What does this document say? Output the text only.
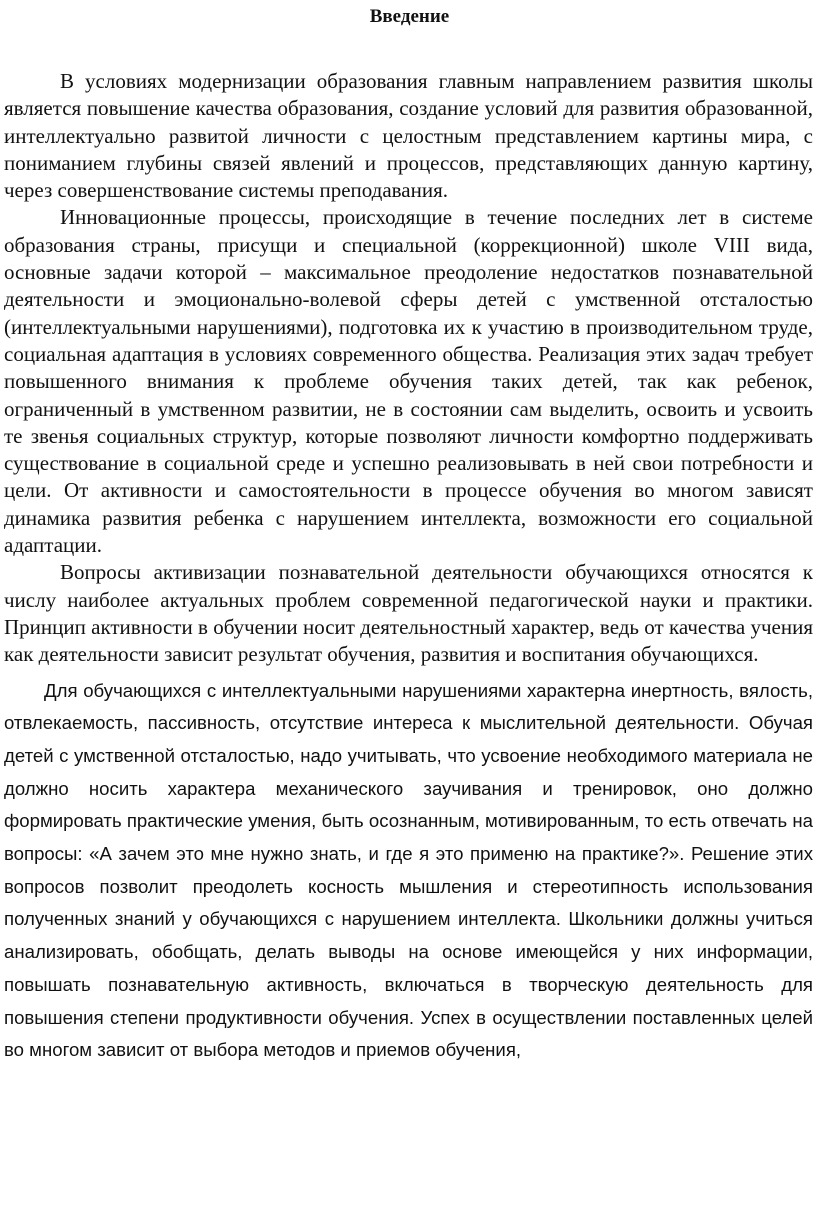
Введение

В условиях модернизации образования главным направлением развития школы является повышение качества образования, создание условий для развития образованной, интеллектуально развитой личности с целостным представлением картины мира, с пониманием глубины связей явлений и процессов, представляющих данную картину, через совершенствование системы преподавания.

Инновационные процессы, происходящие в течение последних лет в системе образования страны, присущи и специальной (коррекционной) школе VIII вида, основные задачи которой – максимальное преодоление недостатков познавательной деятельности и эмоционально-волевой сферы детей с умственной отсталостью (интеллектуальными нарушениями), подготовка их к участию в производительном труде, социальная адаптация в условиях современного общества. Реализация этих задач требует повышенного внимания к проблеме обучения таких детей, так как ребенок, ограниченный в умственном развитии, не в состоянии сам выделить, освоить и усвоить те звенья социальных структур, которые позволяют личности комфортно поддерживать существование в социальной среде и успешно реализовывать в ней свои потребности и цели. От активности и самостоятельности в процессе обучения во многом зависят динамика развития ребенка с нарушением интеллекта, возможности его социальной адаптации.

Вопросы активизации познавательной деятельности обучающихся относятся к числу наиболее актуальных проблем современной педагогической науки и практики. Принцип активности в обучении носит деятельностный характер, ведь от качества учения как деятельности зависит результат обучения, развития и воспитания обучающихся.

Для обучающихся с интеллектуальными нарушениями характерна инертность, вялость, отвлекаемость, пассивность, отсутствие интереса к мыслительной деятельности. Обучая детей с умственной отсталостью, надо учитывать, что усвоение необходимого материала не должно носить характера механического заучивания и тренировок, оно должно формировать практические умения, быть осознанным, мотивированным, то есть отвечать на вопросы: «А зачем это мне нужно знать, и где я это применю на практике?». Решение этих вопросов позволит преодолеть косность мышления и стереотипность использования полученных знаний у обучающихся с нарушением интеллекта. Школьники должны учиться анализировать, обобщать, делать выводы на основе имеющейся у них информации, повышать познавательную активность, включаться в творческую деятельность для повышения степени продуктивности обучения. Успех в осуществлении поставленных целей во многом зависит от выбора методов и приемов обучения,
